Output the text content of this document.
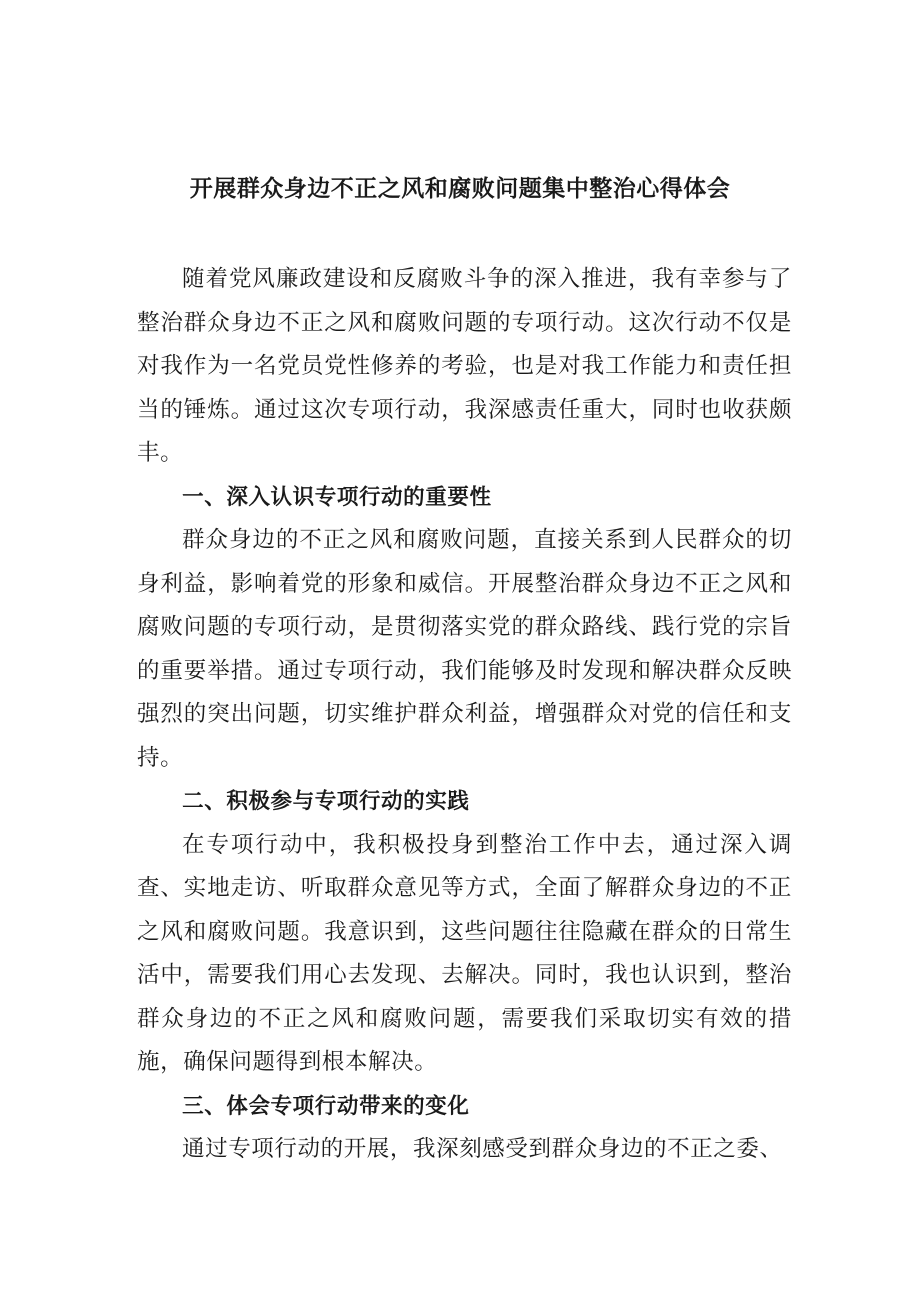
开展群众身边不正之风和腐败问题集中整治心得体会

随着党风廉政建设和反腐败斗争的深入推进，我有幸参与了整治群众身边不正之风和腐败问题的专项行动。这次行动不仅是对我作为一名党员党性修养的考验，也是对我工作能力和责任担当的锤炼。通过这次专项行动，我深感责任重大，同时也收获颇丰。

一、深入认识专项行动的重要性

群众身边的不正之风和腐败问题，直接关系到人民群众的切身利益，影响着党的形象和威信。开展整治群众身边不正之风和腐败问题的专项行动，是贯彻落实党的群众路线、践行党的宗旨的重要举措。通过专项行动，我们能够及时发现和解决群众反映强烈的突出问题，切实维护群众利益，增强群众对党的信任和支持。

二、积极参与专项行动的实践

在专项行动中，我积极投身到整治工作中去，通过深入调查、实地走访、听取群众意见等方式，全面了解群众身边的不正之风和腐败问题。我意识到，这些问题往往隐藏在群众的日常生活中，需要我们用心去发现、去解决。同时，我也认识到，整治群众身边的不正之风和腐败问题，需要我们采取切实有效的措施，确保问题得到根本解决。

三、体会专项行动带来的变化

通过专项行动的开展，我深刻感受到群众身边的不正之委、
